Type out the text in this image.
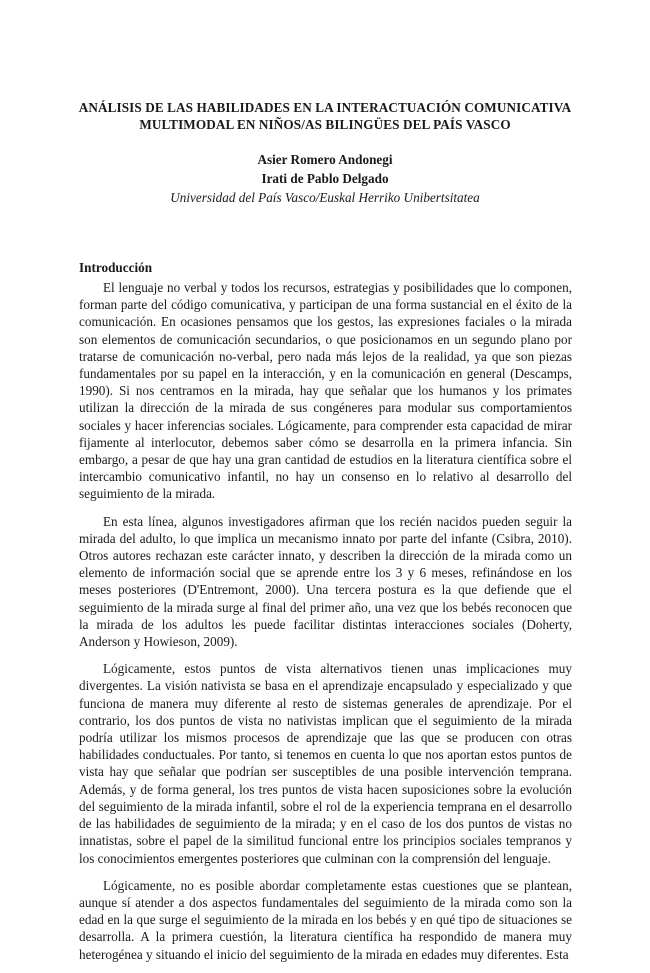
ANÁLISIS DE LAS HABILIDADES EN LA INTERACTUACIÓN COMUNICATIVA
MULTIMODAL EN NIÑOS/AS BILINGÜES DEL PAÍS VASCO
Asier Romero Andonegi
Irati de Pablo Delgado
Universidad del País Vasco/Euskal Herriko Unibertsitatea
Introducción

El lenguaje no verbal y todos los recursos, estrategias y posibilidades que lo componen, forman parte del código comunicativa, y participan de una forma sustancial en el éxito de la comunicación. En ocasiones pensamos que los gestos, las expresiones faciales o la mirada son elementos de comunicación secundarios, o que posicionamos en un segundo plano por tratarse de comunicación no-verbal, pero nada más lejos de la realidad, ya que son piezas fundamentales por su papel en la interacción, y en la comunicación en general (Descamps, 1990). Si nos centramos en la mirada, hay que señalar que los humanos y los primates utilizan la dirección de la mirada de sus congéneres para modular sus comportamientos sociales y hacer inferencias sociales. Lógicamente, para comprender esta capacidad de mirar fijamente al interlocutor, debemos saber cómo se desarrolla en la primera infancia. Sin embargo, a pesar de que hay una gran cantidad de estudios en la literatura científica sobre el intercambio comunicativo infantil, no hay un consenso en lo relativo al desarrollo del seguimiento de la mirada.

En esta línea, algunos investigadores afirman que los recién nacidos pueden seguir la mirada del adulto, lo que implica un mecanismo innato por parte del infante (Csibra, 2010). Otros autores rechazan este carácter innato, y describen la dirección de la mirada como un elemento de información social que se aprende entre los 3 y 6 meses, refinándose en los meses posteriores (D'Entremont, 2000). Una tercera postura es la que defiende que el seguimiento de la mirada surge al final del primer año, una vez que los bebés reconocen que la mirada de los adultos les puede facilitar distintas interacciones sociales (Doherty, Anderson y Howieson, 2009).

Lógicamente, estos puntos de vista alternativos tienen unas implicaciones muy divergentes. La visión nativista se basa en el aprendizaje encapsulado y especializado y que funciona de manera muy diferente al resto de sistemas generales de aprendizaje. Por el contrario, los dos puntos de vista no nativistas implican que el seguimiento de la mirada podría utilizar los mismos procesos de aprendizaje que las que se producen con otras habilidades conductuales. Por tanto, si tenemos en cuenta lo que nos aportan estos puntos de vista hay que señalar que podrían ser susceptibles de una posible intervención temprana. Además, y de forma general, los tres puntos de vista hacen suposiciones sobre la evolución del seguimiento de la mirada infantil, sobre el rol de la experiencia temprana en el desarrollo de las habilidades de seguimiento de la mirada; y en el caso de los dos puntos de vistas no innatistas, sobre el papel de la similitud funcional entre los principios sociales tempranos y los conocimientos emergentes posteriores que culminan con la comprensión del lenguaje.

Lógicamente, no es posible abordar completamente estas cuestiones que se plantean, aunque sí atender a dos aspectos fundamentales del seguimiento de la mirada como son la edad en la que surge el seguimiento de la mirada en los bebés y en qué tipo de situaciones se desarrolla. A la primera cuestión, la literatura científica ha respondido de manera muy heterogénea y situando el inicio del seguimiento de la mirada en edades muy diferentes. Esta
